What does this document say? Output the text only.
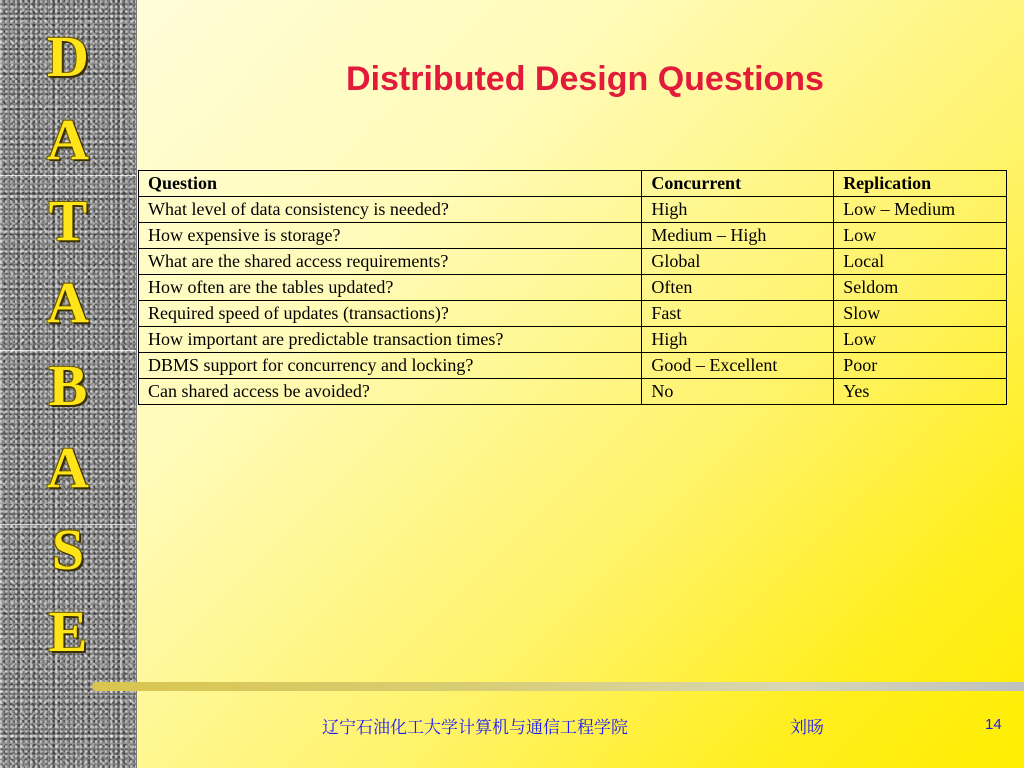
D
A
T
A
B
A
S
E
Distributed Design Questions
Question	Concurrent	Replication
What level of data consistency is needed?	High	Low – Medium
How expensive is storage?	Medium – High	Low
What are the shared access requirements?	Global	Local
How often are the tables updated?	Often	Seldom
Required speed of updates (transactions)?	Fast	Slow
How important are predictable transaction times?	High	Low
DBMS support for concurrency and locking?	Good – Excellent	Poor
Can shared access be avoided?	No	Yes
辽宁石油化工大学计算机与通信工程学院	刘旸	14
